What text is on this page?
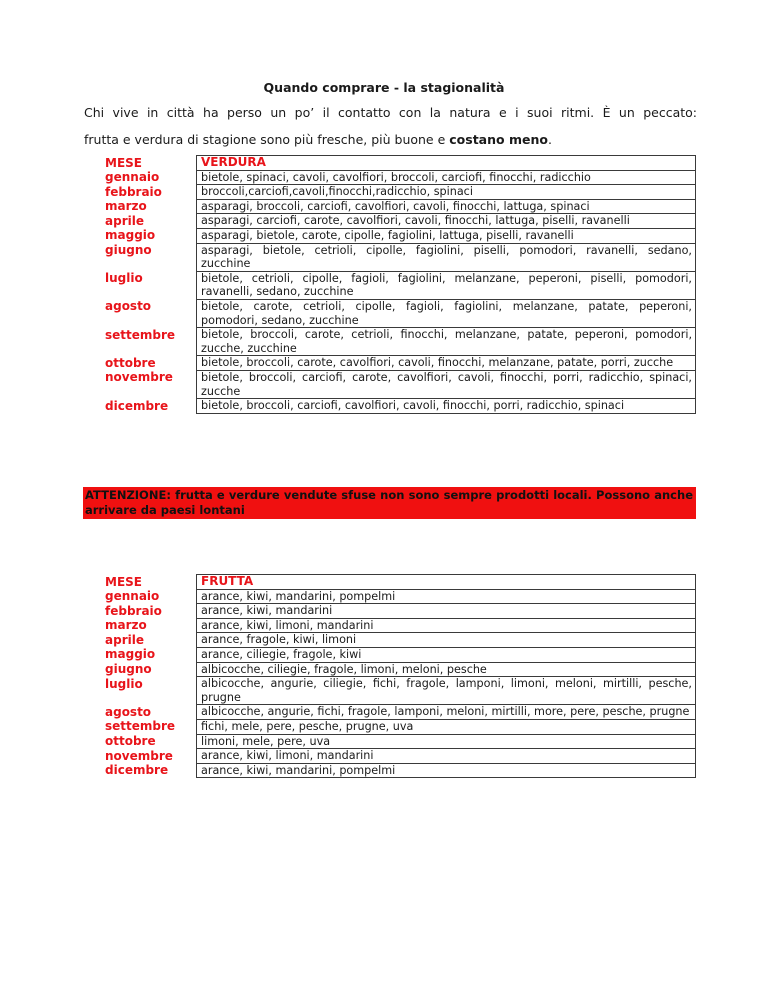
Quando comprare - la stagionalità
Chi vive in città ha perso un po’ il contatto con la natura e i suoi ritmi. È un peccato:
frutta e verdura di stagione sono più fresche, più buone e costano meno.
MESE	VERDURA
gennaio	bietole, spinaci, cavoli, cavolfiori, broccoli, carciofi, finocchi, radicchio
febbraio	broccoli,carciofi,cavoli,finocchi,radicchio, spinaci
marzo	asparagi, broccoli, carciofi, cavolfiori, cavoli, finocchi, lattuga, spinaci
aprile	asparagi, carciofi, carote, cavolfiori, cavoli, finocchi, lattuga, piselli, ravanelli
maggio	asparagi, bietole, carote, cipolle, fagiolini, lattuga, piselli, ravanelli
giugno	asparagi, bietole, cetrioli, cipolle, fagiolini, piselli, pomodori, ravanelli, sedano, zucchine
luglio	bietole, cetrioli, cipolle, fagioli, fagiolini, melanzane, peperoni, piselli, pomodori, ravanelli, sedano, zucchine
agosto	bietole, carote, cetrioli, cipolle, fagioli, fagiolini, melanzane, patate, peperoni, pomodori, sedano, zucchine
settembre	bietole, broccoli, carote, cetrioli, finocchi, melanzane, patate, peperoni, pomodori, zucche, zucchine
ottobre	bietole, broccoli, carote, cavolfiori, cavoli, finocchi, melanzane, patate, porri, zucche
novembre	bietole, broccoli, carciofi, carote, cavolfiori, cavoli, finocchi, porri, radicchio, spinaci, zucche
dicembre	bietole, broccoli, carciofi, cavolfiori, cavoli, finocchi, porri, radicchio, spinaci
ATTENZIONE: frutta e verdure vendute sfuse non sono sempre prodotti locali. Possono anche arrivare da paesi lontani
MESE	FRUTTA
gennaio	arance, kiwi, mandarini, pompelmi
febbraio	arance, kiwi, mandarini
marzo	arance, kiwi, limoni, mandarini
aprile	arance, fragole, kiwi, limoni
maggio	arance, ciliegie, fragole, kiwi
giugno	albicocche, ciliegie, fragole, limoni, meloni, pesche
luglio	albicocche, angurie, ciliegie, fichi, fragole, lamponi, limoni, meloni, mirtilli, pesche, prugne
agosto	albicocche, angurie, fichi, fragole, lamponi, meloni, mirtilli, more, pere, pesche, prugne
settembre	fichi, mele, pere, pesche, prugne, uva
ottobre	limoni, mele, pere, uva
novembre	arance, kiwi, limoni, mandarini
dicembre	arance, kiwi, mandarini, pompelmi
